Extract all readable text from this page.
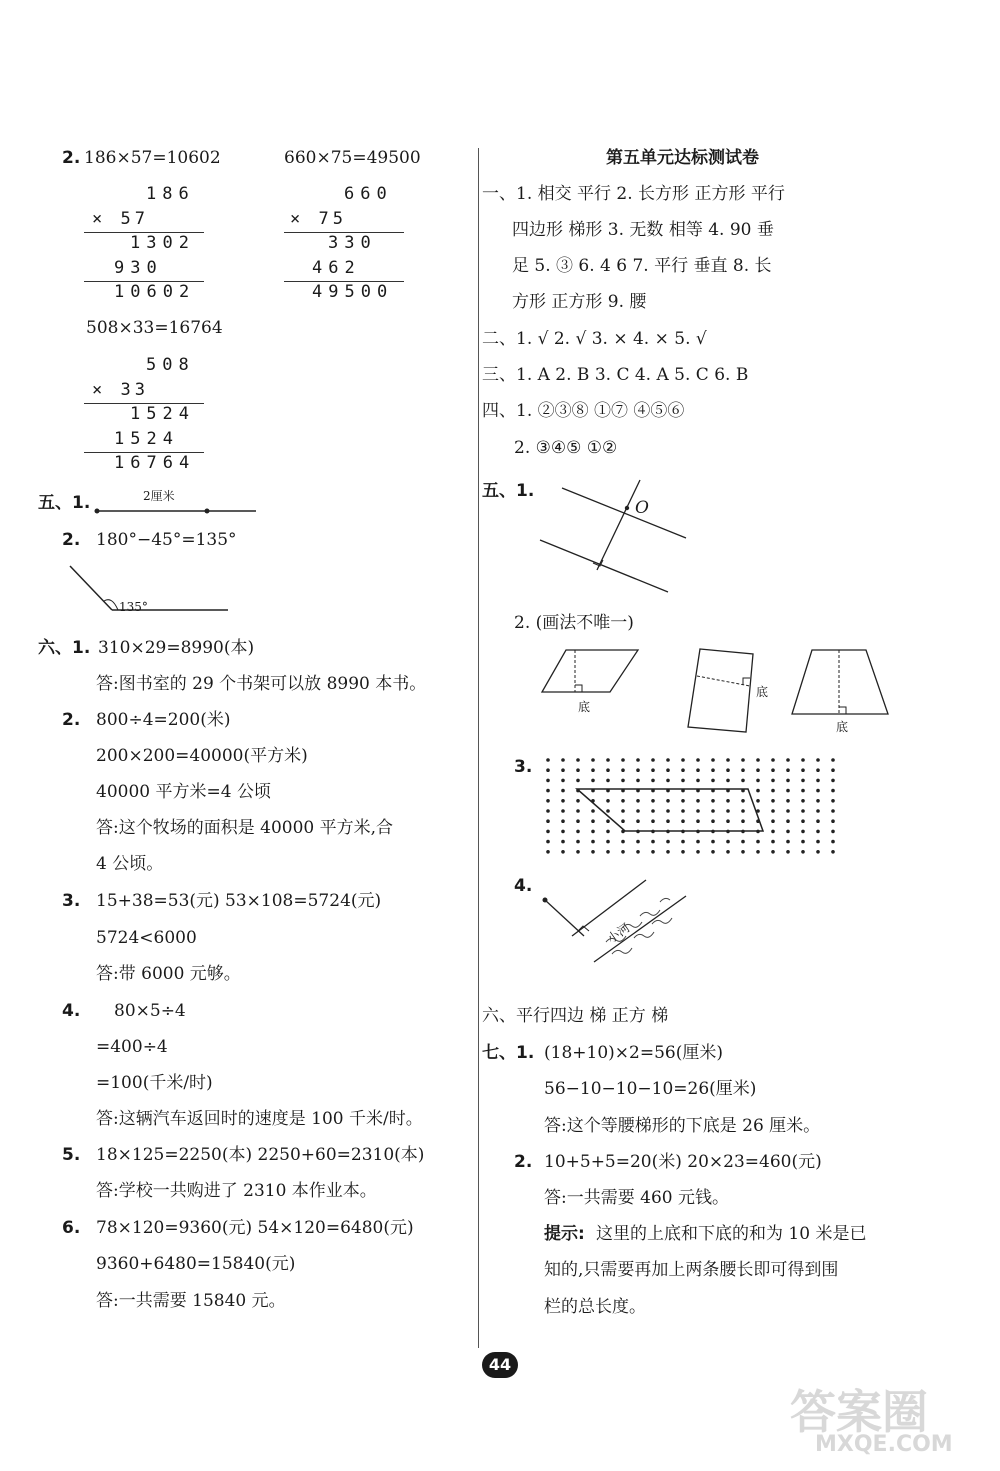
2. 186×57=10602	660×75=49500
186
× 57
1302
930
10602
660
× 75
330
462
49500
508×33=16764
508
× 33
1524
1524
16764
五、1.	2厘米
2. 180°−45°=135°
135°
六、1. 310×29=8990(本)
答:图书室的 29 个书架可以放 8990 本书。
2. 800÷4=200(米)
200×200=40000(平方米)
40000 平方米=4 公顷
答:这个牧场的面积是 40000 平方米,合
4 公顷。
3. 15+38=53(元) 53×108=5724(元)
5724<6000
答:带 6000 元够。
4. 80×5÷4
=400÷4
=100(千米/时)
答:这辆汽车返回时的速度是 100 千米/时。
5. 18×125=2250(本) 2250+60=2310(本)
答:学校一共购进了 2310 本作业本。
6. 78×120=9360(元) 54×120=6480(元)
9360+6480=15840(元)
答:一共需要 15840 元。
第五单元达标测试卷
一、1. 相交 平行 2. 长方形 正方形 平行
四边形 梯形 3. 无数 相等 4. 90 垂
足 5. ③ 6. 4 6 7. 平行 垂直 8. 长
方形 正方形 9. 腰
二、1. √ 2. √ 3. × 4. × 5. √
三、1. A 2. B 3. C 4. A 5. C 6. B
四、1. ②③⑧ ①⑦ ④⑤⑥
2. ③④⑤ ①②
五、1.
O
2. (画法不唯一)
底
底
底
3.
4.
小河
六、平行四边 梯 正方 梯
七、1. (18+10)×2=56(厘米)
56−10−10−10=26(厘米)
答:这个等腰梯形的下底是 26 厘米。
2. 10+5+5=20(米) 20×23=460(元)
答:一共需要 460 元钱。
提示: 这里的上底和下底的和为 10 米是已
知的,只需要再加上两条腰长即可得到围
栏的总长度。
44
答案圈
MXQE.COM
